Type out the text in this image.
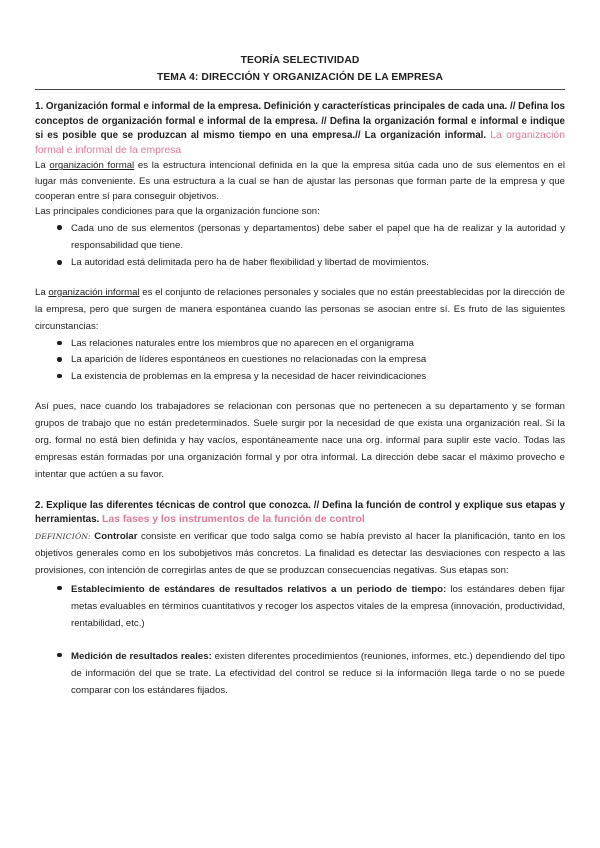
TEORÍA SELECTIVIDAD
TEMA 4: DIRECCIÓN Y ORGANIZACIÓN DE LA EMPRESA

1. Organización formal e informal de la empresa. Definición y características principales de cada una. // Defina los conceptos de organización formal e informal de la empresa. // Defina la organización formal e informal e indique si es posible que se produzcan al mismo tiempo en una empresa.// La organización informal. La organización formal e informal de la empresa

La organización formal es la estructura intencional definida en la que la empresa sitúa cada uno de sus elementos en el lugar más conveniente. Es una estructura a la cual se han de ajustar las personas que forman parte de la empresa y que cooperan entre sí para conseguir objetivos.

Las principales condiciones para que la organización funcione son:

Cada uno de sus elementos (personas y departamentos) debe saber el papel que ha de realizar y la autoridad y responsabilidad que tiene.
La autoridad está delimitada pero ha de haber flexibilidad y libertad de movimientos.

La organización informal es el conjunto de relaciones personales y sociales que no están preestablecidas por la dirección de la empresa, pero que surgen de manera espontánea cuando las personas se asocian entre sí. Es fruto de las siguientes circunstancias:

Las relaciones naturales entre los miembros que no aparecen en el organigrama
La aparición de líderes espontáneos en cuestiones no relacionadas con la empresa
La existencia de problemas en la empresa y la necesidad de hacer reivindicaciones

Así pues, nace cuando los trabajadores se relacionan con personas que no pertenecen a su departamento y se forman grupos de trabajo que no están predeterminados. Suele surgir por la necesidad de que exista una organización real. Si la org. formal no está bien definida y hay vacíos, espontáneamente nace una org. informal para suplir este vacío. Todas las empresas están formadas por una organización formal y por otra informal. La dirección debe sacar el máximo provecho e intentar que actúen a su favor.

2. Explique las diferentes técnicas de control que conozca. // Defina la función de control y explique sus etapas y herramientas. Las fases y los instrumentos de la función de control

DEFINICIÓN: Controlar consiste en verificar que todo salga como se había previsto al hacer la planificación, tanto en los objetivos generales como en los subobjetivos más concretos. La finalidad es detectar las desviaciones con respecto a las provisiones, con intención de corregirlas antes de que se produzcan consecuencias negativas. Sus etapas son:

Establecimiento de estándares de resultados relativos a un periodo de tiempo: los estándares deben fijar metas evaluables en términos cuantitativos y recoger los aspectos vitales de la empresa (innovación, productividad, rentabilidad, etc.)
Medición de resultados reales: existen diferentes procedimientos (reuniones, informes, etc.) dependiendo del tipo de información del que se trate. La efectividad del control se reduce si la información llega tarde o no se puede comparar con los estándares fijados.
